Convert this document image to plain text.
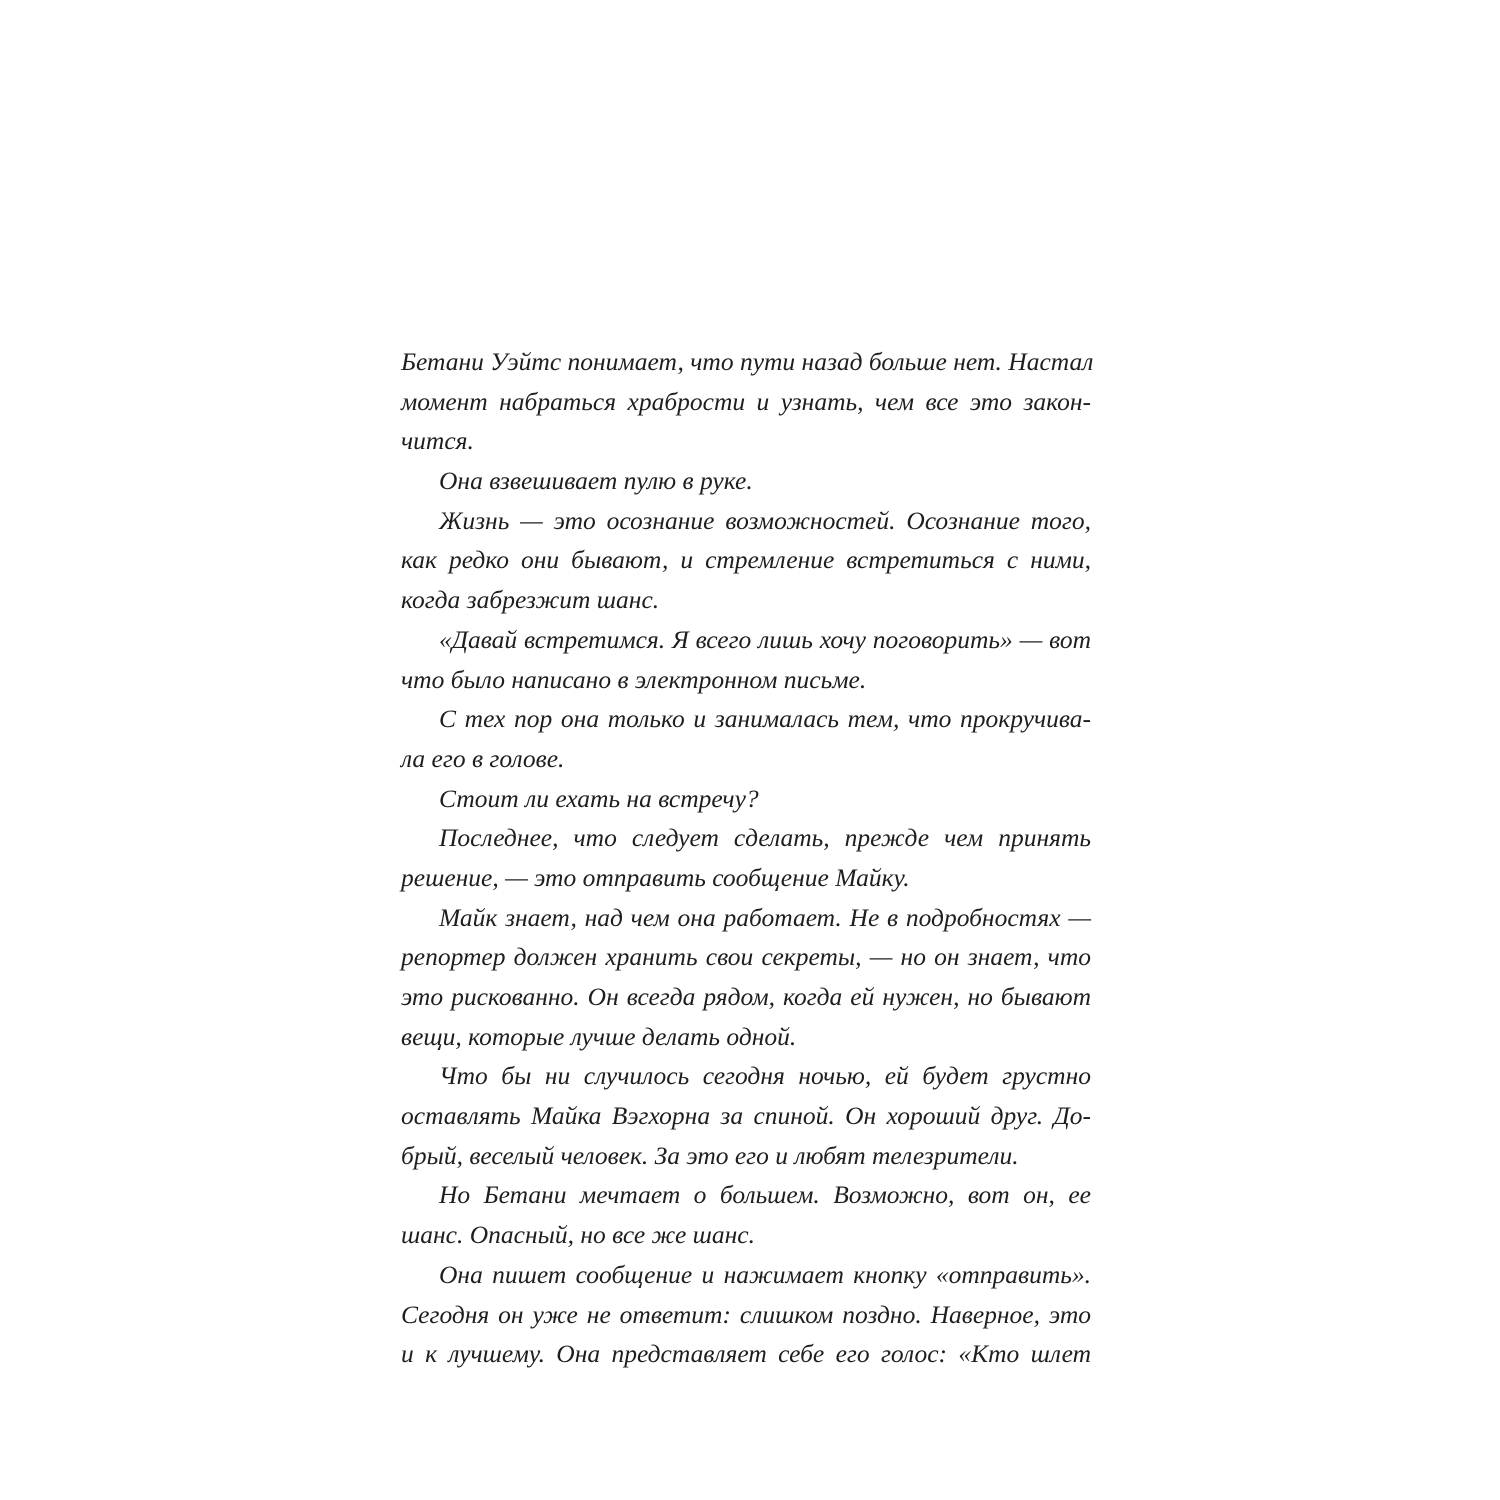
Бетани Уэйтс понимает, что пути назад больше нет. Настал
момент набраться храбрости и узнать, чем все это закон-
чится.
Она взвешивает пулю в руке.
Жизнь — это осознание возможностей. Осознание того,
как редко они бывают, и стремление встретиться с ними,
когда забрезжит шанс.
«Давай встретимся. Я всего лишь хочу поговорить» — вот
что было написано в электронном письме.
С тех пор она только и занималась тем, что прокручива-
ла его в голове.
Стоит ли ехать на встречу?
Последнее, что следует сделать, прежде чем принять
решение, — это отправить сообщение Майку.
Майк знает, над чем она работает. Не в подробностях —
репортер должен хранить свои секреты, — но он знает, что
это рискованно. Он всегда рядом, когда ей нужен, но бывают
вещи, которые лучше делать одной.
Что бы ни случилось сегодня ночью, ей будет грустно
оставлять Майка Вэгхорна за спиной. Он хороший друг. До-
брый, веселый человек. За это его и любят телезрители.
Но Бетани мечтает о большем. Возможно, вот он, ее
шанс. Опасный, но все же шанс.
Она пишет сообщение и нажимает кнопку «отправить».
Сегодня он уже не ответит: слишком поздно. Наверное, это
и к лучшему. Она представляет себе его голос: «Кто шлет
